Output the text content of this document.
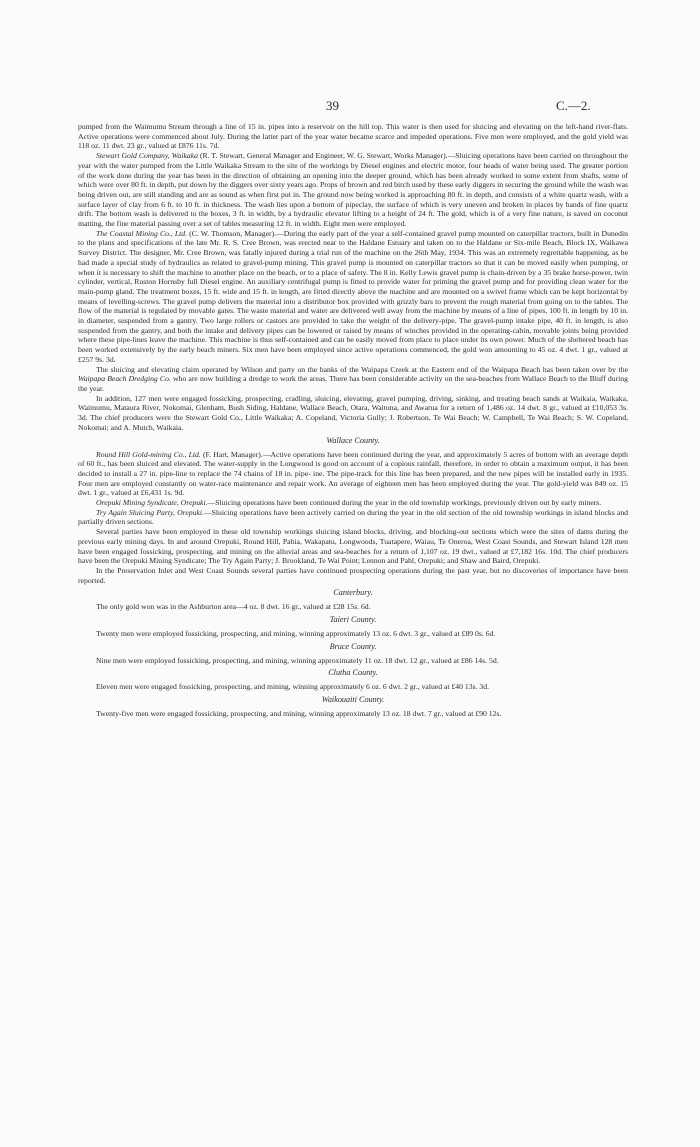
39	C.—2.

pumped from the Waimumu Stream through a line of 15 in. pipes into a reservoir on the hill top. This water is then used for sluicing and elevating on the left-hand river-flats. Active operations were commenced about July. During the latter part of the year water became scarce and impeded operations. Five men were employed, and the gold yield was 118 oz. 11 dwt. 23 gr., valued at £876 11s. 7d.

Stewart Gold Company, Waikaka (R. T. Stewart, General Manager and Engineer, W. G. Stewart, Works Manager).—Sluicing operations have been carried on throughout the year with the water pumped from the Little Waikaka Stream to the site of the workings by Diesel engines and electric motor, four heads of water being used. The greater portion of the work done during the year has been in the direction of obtaining an opening into the deeper ground, which has been already worked to some extent from shafts, some of which were over 80 ft. in depth, put down by the diggers over sixty years ago. Props of brown and red birch used by these early diggers in securing the ground while the wash was being driven out, are still standing and are as sound as when first put in. The ground now being worked is approaching 80 ft. in depth, and consists of a white quartz wash, with a surface layer of clay from 6 ft. to 10 ft. in thickness. The wash lies upon a bottom of pipeclay, the surface of which is very uneven and broken in places by bands of fine quartz drift. The bottom wash is delivered to the boxes, 3 ft. in width, by a hydraulic elevator lifting to a height of 24 ft. The gold, which is of a very fine nature, is saved on coconut matting, the fine material passing over a set of tables measuring 12 ft. in width. Eight men were employed.

The Coastal Mining Co., Ltd. (C. W. Thomson, Manager).—During the early part of the year a self-contained gravel pump mounted on caterpillar tractors, built in Dunedin to the plans and specifications of the late Mr. R. S. Cree Brown, was erected near to the Haldane Estuary and taken on to the Haldane or Six-mile Beach, Block IX, Waikawa Survey District. The designer, Mr. Cree Brown, was fatally injured during a trial run of the machine on the 26th May, 1934. This was an extremely regrettable happening, as he had made a special study of hydraulics as related to gravel-pump mining. This gravel pump is mounted on caterpillar tractors so that it can be moved easily when pumping, or when it is necessary to shift the machine to another place on the beach, or to a place of safety. The 8 in. Kelly Lewis gravel pump is chain-driven by a 35 brake horse-power, twin cylinder, vertical, Ruston Hornsby full Diesel engine. An auxiliary centrifugal pump is fitted to provide water for priming the gravel pump and for providing clean water for the main-pump gland. The treatment boxes, 15 ft. wide and 15 ft. in length, are fitted directly above the machine and are mounted on a swivel frame which can be kept horizontal by means of levelling-screws. The gravel pump delivers the material into a distributor box provided with grizzly bars to prevent the rough material from going on to the tables. The flow of the material is regulated by movable gates. The waste material and water are delivered well away from the machine by means of a line of pipes, 100 ft. in length by 10 in. in diameter, suspended from a gantry. Two large rollers or castors are provided to take the weight of the delivery-pipe. The gravel-pump intake pipe, 40 ft. in length, is also suspended from the gantry, and both the intake and delivery pipes can be lowered or raised by means of winches provided in the operating-cabin, movable joints being provided where these pipe-lines leave the machine. This machine is thus self-contained and can be easily moved from place to place under its own power. Much of the sheltered beach has been worked extensively by the early beach miners. Six men have been employed since active operations commenced, the gold won amounting to 45 oz. 4 dwt. 1 gr., valued at £257 9s. 3d.

The sluicing and elevating claim operated by Wilson and party on the banks of the Waipapa Creek at the Eastern end of the Waipapa Beach has been taken over by the Waipapa Beach Dredging Co. who are now building a dredge to work the areas. There has been considerable activity on the sea-beaches from Wallace Beach to the Bluff during the year.

In addition, 127 men were engaged fossicking, prospecting, cradling, sluicing, elevating, gravel pumping, driving, sinking, and treating beach sands at Waikaia, Waikaka, Waimumu, Mataura River, Nokomai, Glenham, Bush Siding, Haldane, Wallace Beach, Otara, Waituna, and Awarua for a return of 1,486 oz. 14 dwt. 8 gr., valued at £10,053 3s. 3d. The chief producers were the Stewart Gold Co., Little Waikaka; A. Copeland, Victoria Gully; J. Robertson, Te Wai Beach; W. Campbell, Te Wai Beach; S. W. Copeland, Nokomai; and A. Mutch, Waikaia.

Wallace County.

Round Hill Gold-mining Co., Ltd. (F. Hart, Manager).—Active operations have been continued during the year, and approximately 5 acres of bottom with an average depth of 60 ft., has been sluiced and elevated. The water-supply in the Longwood is good on account of a copious rainfall, therefore, in order to obtain a maximum output, it has been decided to install a 27 in. pipe-line to replace the 74 chains of 18 in. pipe- ine. The pipe-track for this line has been prepared, and the new pipes will be installed early in 1935. Four men are employed constantly on water-race maintenance and repair work. An average of eighteen men has been employed during the year. The gold-yield was 849 oz. 15 dwt. 1 gr., valued at £6,431 1s. 9d.

Orepuki Mining Syndicate, Orepuki.—Sluicing operations have been continued during the year in the old township workings, previously driven out by early miners.

Try Again Sluicing Party, Orepuki.—Sluicing operations have been actively carried on during the year in the old section of the old township workings in island blocks and partially driven sections.

Several parties have been employed in these old township workings sluicing island blocks, driving, and blocking-out sections which were the sites of dams during the previous early mining days. In and around Orepuki, Round Hill, Pahia, Wakapatu, Longwoods, Tuatapere, Waiau, Te Oneroa, West Coast Sounds, and Stewart Island 128 men have been engaged fossicking, prospecting, and mining on the alluvial areas and sea-beaches for a return of 1,107 oz. 19 dwt., valued at £7,182 16s. 10d. The chief producers have been the Orepuki Mining Syndicate; The Try Again Party; J. Brookland, Te Wai Point; Lennon and Pahl, Orepuki; and Shaw and Baird, Orepuki.

In the Preservation Inlet and West Coast Sounds several parties have continued prospecting operations during the past year, but no discoveries of importance have been reported.

Canterbury.

The only gold won was in the Ashburton area—4 oz. 8 dwt. 16 gr., valued at £28 15s. 6d.

Taieri County.

Twenty men were employed fossicking, prospecting, and mining, winning approximately 13 oz. 6 dwt. 3 gr., valued at £89 0s. 6d.

Bruce County.

Nine men were employed fossicking, prospecting, and mining, winning approximately 11 oz. 18 dwt. 12 gr., valued at £86 14s. 5d.

Clutha County.

Eleven men were engaged fossicking, prospecting, and mining, winning approximately 6 oz. 6 dwt. 2 gr., valued at £40 13s. 3d.

Waikouaiti County.

Twenty-five men were engaged fossicking, prospecting, and mining, winning approximately 13 oz. 18 dwt. 7 gr., valued at £90 12s.
